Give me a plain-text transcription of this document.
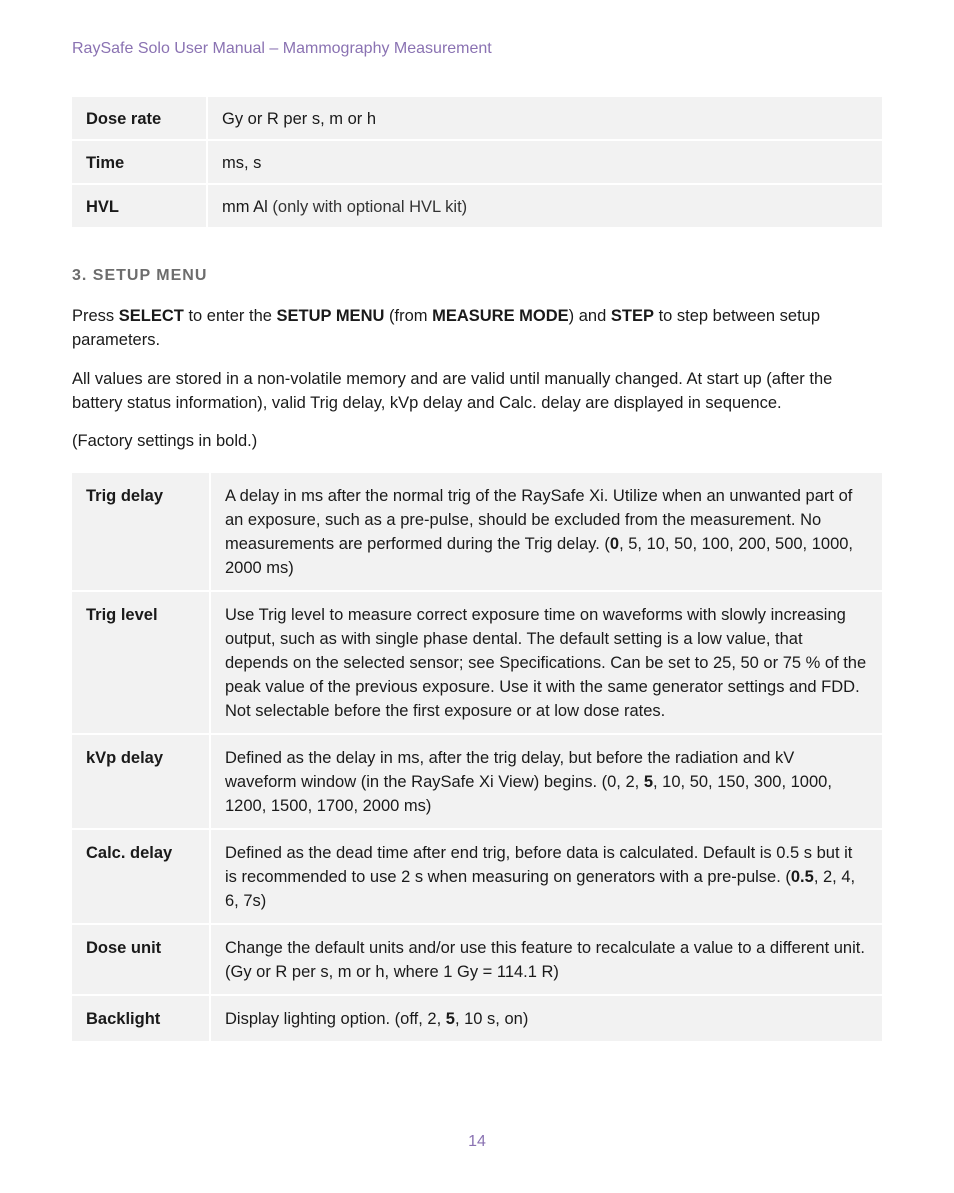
RaySafe Solo User Manual – Mammography Measurement
Dose rate	Gy or R per s, m or h
Time	ms, s
HVL	mm Al (only with optional HVL kit)
3. SETUP MENU

Press SELECT to enter the SETUP MENU (from MEASURE MODE) and STEP to step between setup parameters.

All values are stored in a non-volatile memory and are valid until manually changed. At start up (after the battery status information), valid Trig delay, kVp delay and Calc. delay are displayed in sequence.

(Factory settings in bold.)

Trig delay	A delay in ms after the normal trig of the RaySafe Xi. Utilize when an unwanted part of an exposure, such as a pre-pulse, should be excluded from the measurement. No measurements are performed during the Trig delay. (0, 5, 10, 50, 100, 200, 500, 1000, 2000 ms)
Trig level	Use Trig level to measure correct exposure time on waveforms with slowly increasing output, such as with single phase dental. The default setting is a low value, that depends on the selected sensor; see Specifications. Can be set to 25, 50 or 75 % of the peak value of the previous exposure. Use it with the same generator settings and FDD. Not selectable before the first exposure or at low dose rates.
kVp delay	Defined as the delay in ms, after the trig delay, but before the radiation and kV waveform window (in the RaySafe Xi View) begins. (0, 2, 5, 10, 50, 150, 300, 1000, 1200, 1500, 1700, 2000 ms)
Calc. delay	Defined as the dead time after end trig, before data is calculated. Default is 0.5 s but it is recommended to use 2 s when measuring on generators with a pre-pulse. (0.5, 2, 4, 6, 7s)
Dose unit	Change the default units and/or use this feature to recalculate a value to a different unit. (Gy or R per s, m or h, where 1 Gy = 114.1 R)
Backlight	Display lighting option. (off, 2, 5, 10 s, on)
14
